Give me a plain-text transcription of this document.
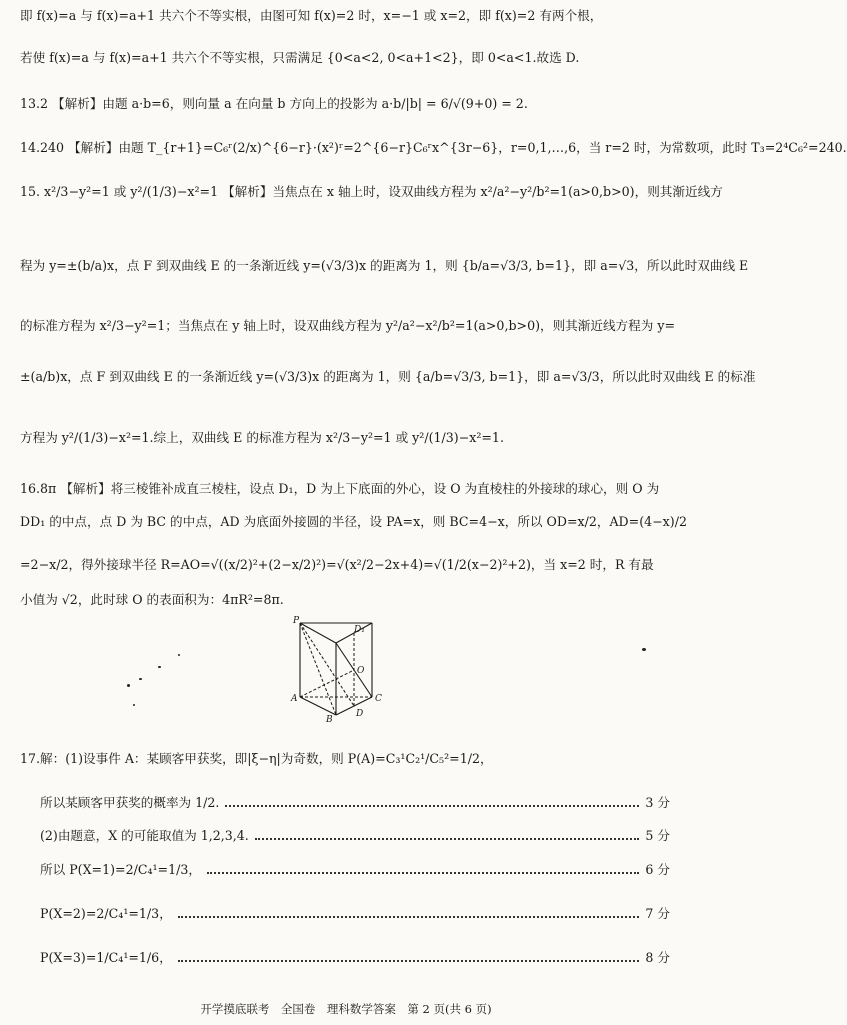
即 f(x)=a 与 f(x)=a+1 共六个不等实根，由图可知 f(x)=2 时，x=−1 或 x=2，即 f(x)=2 有两个根，
若使 f(x)=a 与 f(x)=a+1 共六个不等实根，只需满足 {0<a<2, 0<a+1<2}，即 0<a<1.故选 D.
13.2 【解析】由题 a·b=6，则向量 a 在向量 b 方向上的投影为 a·b/|b| = 6/√(9+0) = 2.
14.240 【解析】由题 T_{r+1}=C₆ʳ(2/x)^{6−r}·(x²)ʳ=2^{6−r}C₆ʳx^{3r−6}，r=0,1,…,6，当 r=2 时，为常数项，此时 T₃=2⁴C₆²=240.
15. x²/3−y²=1 或 y²/(1/3)−x²=1 【解析】当焦点在 x 轴上时，设双曲线方程为 x²/a²−y²/b²=1(a>0,b>0)，则其渐近线方
程为 y=±(b/a)x，点 F 到双曲线 E 的一条渐近线 y=(√3/3)x 的距离为 1，则 {b/a=√3/3, b=1}，即 a=√3，所以此时双曲线 E
的标准方程为 x²/3−y²=1；当焦点在 y 轴上时，设双曲线方程为 y²/a²−x²/b²=1(a>0,b>0)，则其渐近线方程为 y=
±(a/b)x，点 F 到双曲线 E 的一条渐近线 y=(√3/3)x 的距离为 1，则 {a/b=√3/3, b=1}，即 a=√3/3，所以此时双曲线 E 的标准
方程为 y²/(1/3)−x²=1.综上，双曲线 E 的标准方程为 x²/3−y²=1 或 y²/(1/3)−x²=1.
16.8π 【解析】将三棱锥补成直三棱柱，设点 D₁，D 为上下底面的外心，设 O 为直棱柱的外接球的球心，则 O 为
DD₁ 的中点，点 D 为 BC 的中点，AD 为底面外接圆的半径，设 PA=x，则 BC=4−x，所以 OD=x/2，AD=(4−x)/2
=2−x/2，得外接球半径 R=AO=√((x/2)²+(2−x/2)²)=√(x²/2−2x+4)=√(1/2(x−2)²+2)，当 x=2 时，R 有最
小值为 √2，此时球 O 的表面积为：4πR²=8π.
17.解：(1)设事件 A：某顾客甲获奖，即|ξ−η|为奇数，则 P(A)=C₃¹C₂¹/C₅²=1/2，
所以某顾客甲获奖的概率为 1/2.	3 分
(2)由题意，X 的可能取值为 1,2,3,4.	5 分
所以 P(X=1)=2/C₄¹=1/3，	6 分
P(X=2)=2/C₄¹=1/3，	7 分
P(X=3)=1/C₄¹=1/6，	8 分
P
D₁
O
A
B
C
D
开学摸底联考　全国卷　理科数学答案　第 2 页(共 6 页)
